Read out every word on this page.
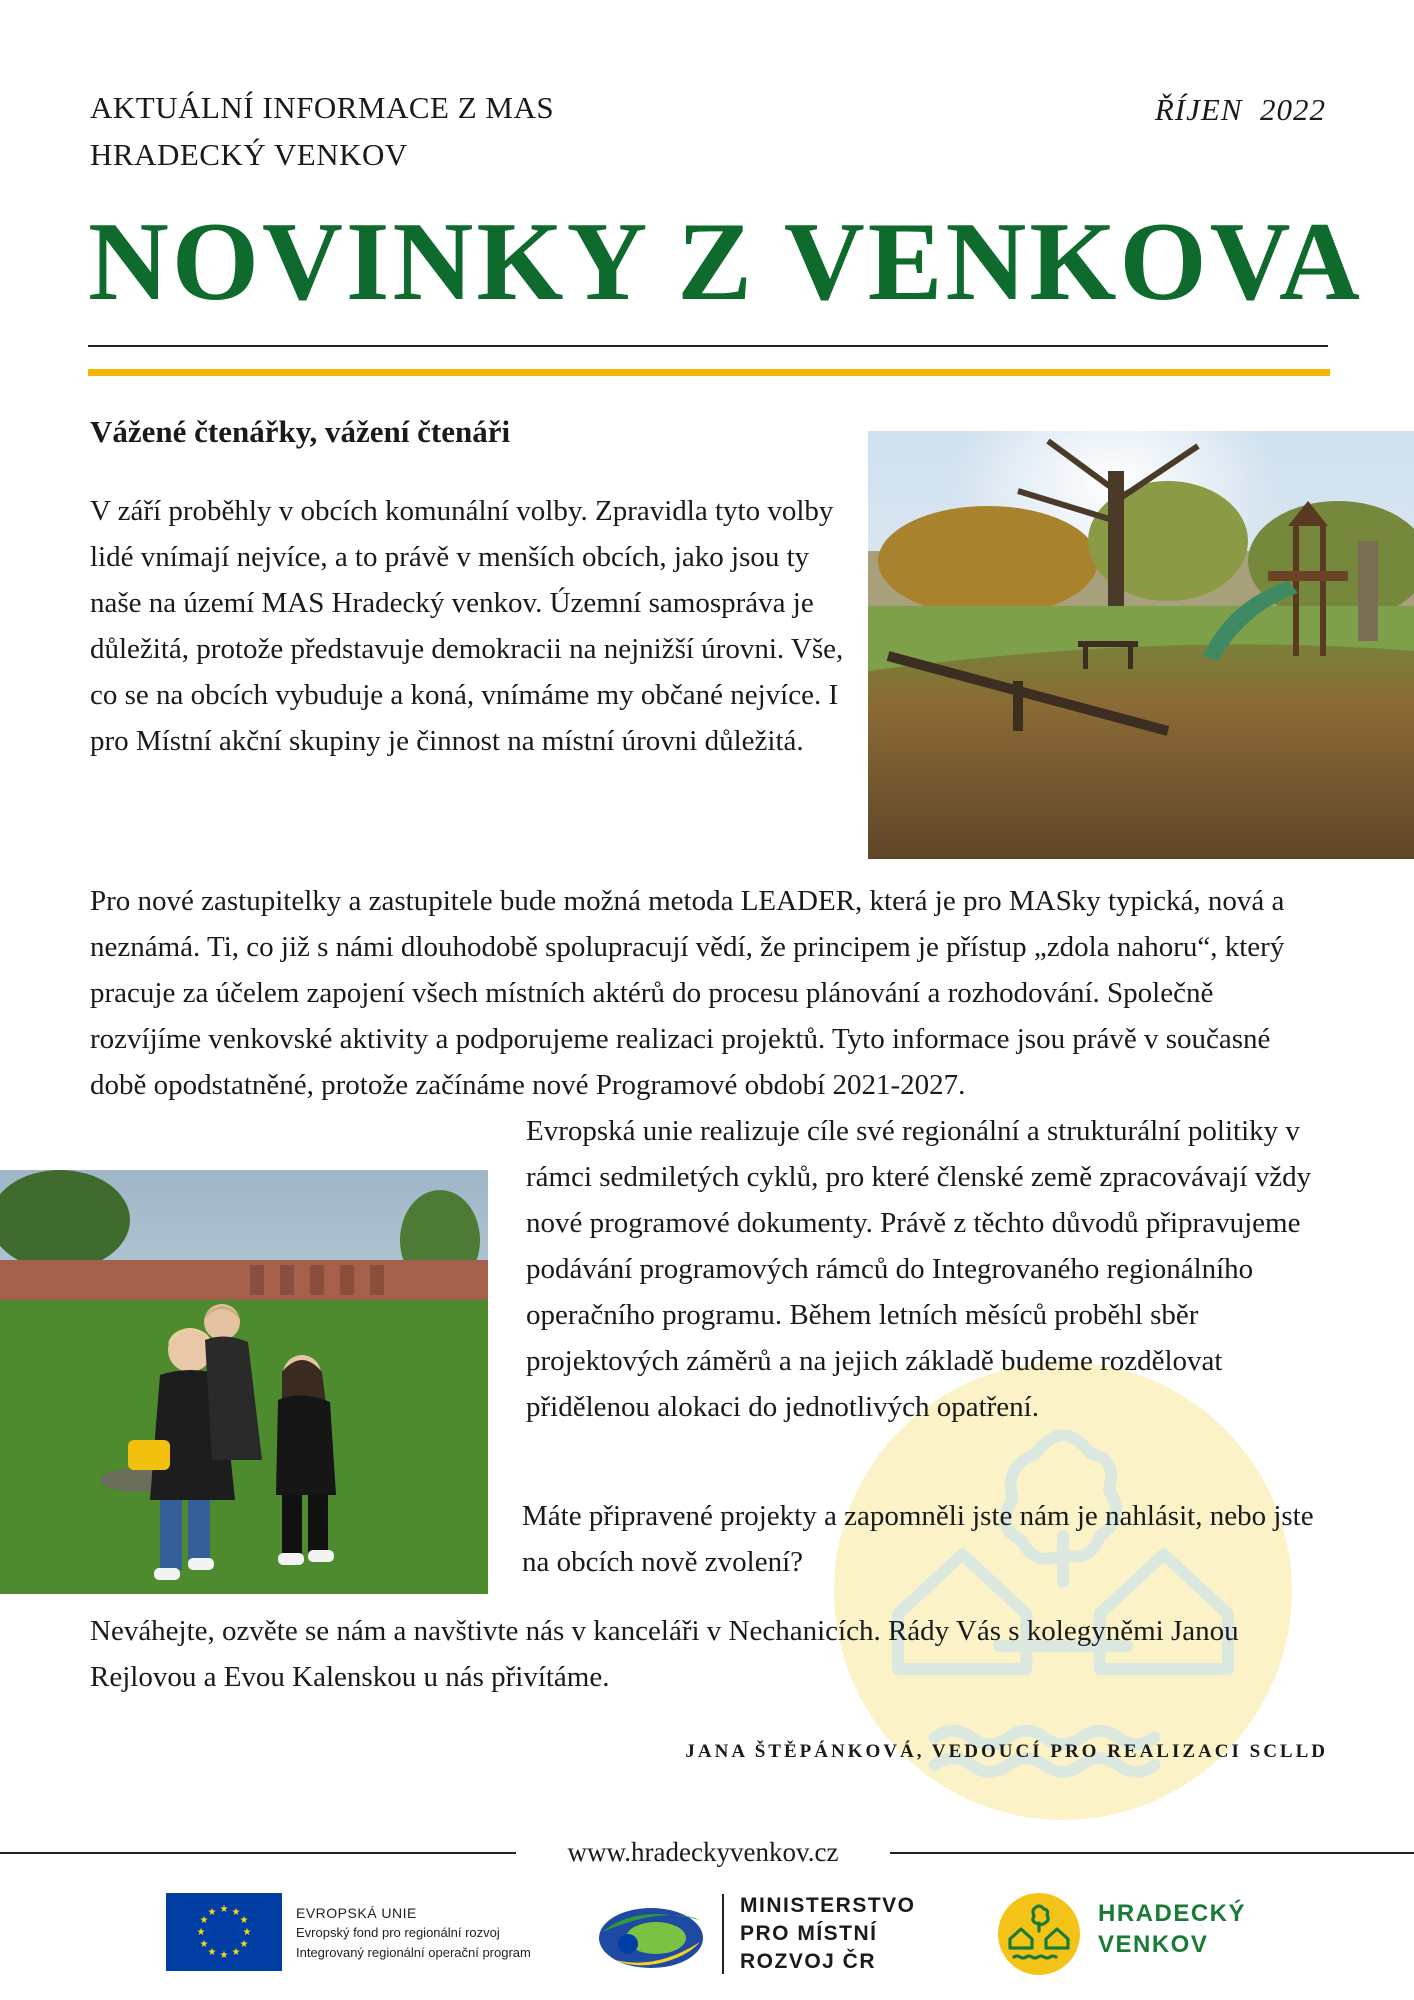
AKTUÁLNÍ INFORMACE Z MAS
HRADECKÝ VENKOV
ŘÍJEN  2022
NOVINKY Z VENKOVA
Vážené čtenářky, vážení čtenáři
V září proběhly v obcích komunální volby. Zpravidla tyto volby lidé vnímají nejvíce, a to právě v menších obcích, jako jsou ty naše na území MAS Hradecký venkov. Územní samospráva je důležitá, protože představuje demokracii na nejnižší úrovni. Vše, co se na obcích vybuduje a koná, vnímáme my občané nejvíce. I pro Místní akční skupiny je činnost na místní úrovni důležitá.
Pro nové zastupitelky a zastupitele bude možná metoda LEADER, která je pro MASky typická, nová a neznámá. Ti, co již s námi dlouhodobě spolupracují vědí, že principem je přístup „zdola nahoru“, který pracuje za účelem zapojení všech místních aktérů do procesu plánování a rozhodování. Společně rozvíjíme venkovské aktivity a podporujeme realizaci projektů. Tyto informace jsou právě v současné době opodstatněné, protože začínáme nové Programové období 2021-2027.
Evropská unie realizuje cíle své regionální a strukturální politiky v rámci sedmiletých cyklů, pro které členské země zpracovávají vždy nové programové dokumenty. Právě z těchto důvodů připravujeme podávání programových rámců do Integrovaného regionálního operačního programu. Během letních měsíců proběhl sběr projektových záměrů a na jejich základě budeme rozdělovat přidělenou alokaci do jednotlivých opatření.
Máte připravené projekty a zapomněli jste nám je nahlásit, nebo jste na obcích nově zvolení?
Neváhejte, ozvěte se nám a navštivte nás v kanceláři v Nechanicích. Rády Vás s kolegyněmi Janou Rejlovou a Evou Kalenskou u nás přivítáme.
JANA ŠTĚPÁNKOVÁ, VEDOUCÍ PRO REALIZACI SCLLD
www.hradeckyvenkov.cz
★ ★
★
★
★
★
★
★
★
★
★
★	EVROPSKÁ UNIE
Evropský fond pro regionální rozvoj
Integrovaný regionální operační program
MINISTERSTVO
PRO MÍSTNÍ
ROZVOJ ČR
HRADECKÝ
VENKOV
